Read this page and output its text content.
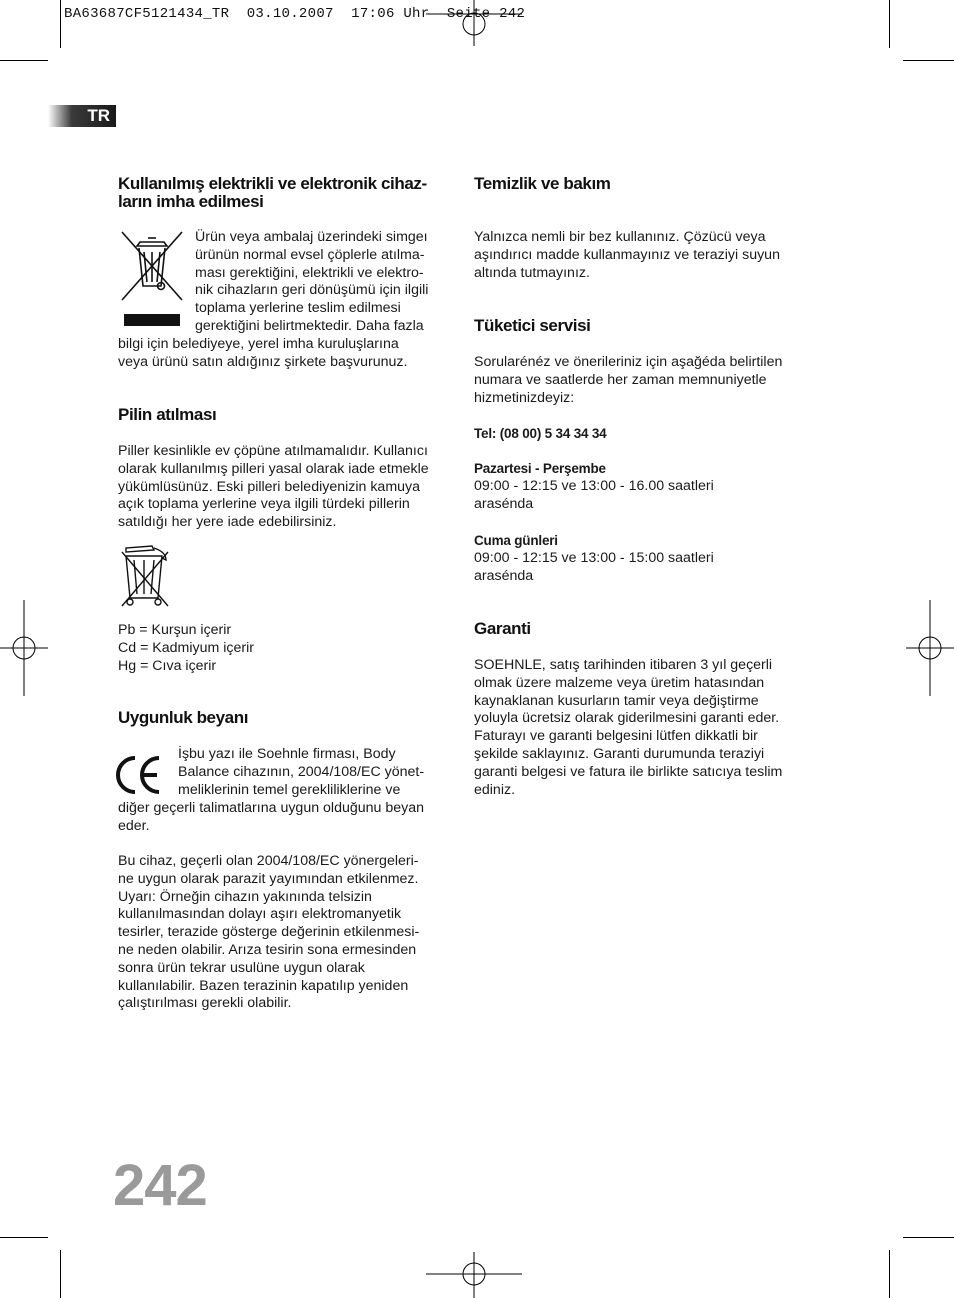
BA63687CF5121434_TR  03.10.2007  17:06 Uhr  Seite 242
TR
Kullanılmış elektrikli ve elektronik cihaz-
ların imha edilmesi

Ürün veya ambalaj üzerindeki simgeı

ürünün normal evsel çöplerle atılma-

ması gerektiğini, elektrikli ve elektro-

nik cihazların geri dönüşümü için ilgili

toplama yerlerine teslim edilmesi

gerektiğini belirtmektedir. Daha fazla

bilgi için belediyeye, yerel imha kuruluşlarına

veya ürünü satın aldığınız şirkete başvurunuz.

Pilin atılması

Piller kesinlikle ev çöpüne atılmamalıdır. Kullanıcı

olarak kullanılmış pilleri yasal olarak iade etmekle

yükümlüsünüz. Eski pilleri belediyenizin kamuya

açık toplama yerlerine veya ilgili türdeki pillerin

satıldığı her yere iade edebilirsiniz.

Pb = Kurşun içerir

Cd = Kadmiyum içerir

Hg = Cıva içerir

Uygunluk beyanı

İşbu yazı ile Soehnle firması, Body

Balance cihazının, 2004/108/EC yönet-

meliklerinin temel gerekliliklerine ve

diğer geçerli talimatlarına uygun olduğunu beyan

eder.

Bu cihaz, geçerli olan 2004/108/EC yönergeleri-

ne uygun olarak parazit yayımından etkilenmez.

Uyarı: Örneğin cihazın yakınında telsizin

kullanılmasından dolayı aşırı elektromanyetik

tesirler, terazide gösterge değerinin etkilenmesi-

ne neden olabilir. Arıza tesirin sona ermesinden

sonra ürün tekrar usulüne uygun olarak

kullanılabilir. Bazen terazinin kapatılıp yeniden

çalıştırılması gerekli olabilir.

Temizlik ve bakım

Yalnızca nemli bir bez kullanınız. Çözücü veya

aşındırıcı madde kullanmayınız ve teraziyi suyun

altında tutmayınız.

Tüketici servisi

Sorularénéz ve önerileriniz için aşağéda belirtilen

numara ve saatlerde her zaman memnuniyetle

hizmetinizdeyiz:

Tel: (08 00) 5 34 34 34

Pazartesi - Perşembe

09:00 - 12:15 ve 13:00 - 16.00 saatleri

arasénda

Cuma günleri

09:00 - 12:15 ve 13:00 - 15:00 saatleri

arasénda

Garanti

SOEHNLE, satış tarihinden itibaren 3 yıl geçerli

olmak üzere malzeme veya üretim hatasından

kaynaklanan kusurların tamir veya değiştirme

yoluyla ücretsiz olarak giderilmesini garanti eder.

Faturayı ve garanti belgesini lütfen dikkatli bir

şekilde saklayınız. Garanti durumunda teraziyi

garanti belgesi ve fatura ile birlikte satıcıya teslim

ediniz.

242
